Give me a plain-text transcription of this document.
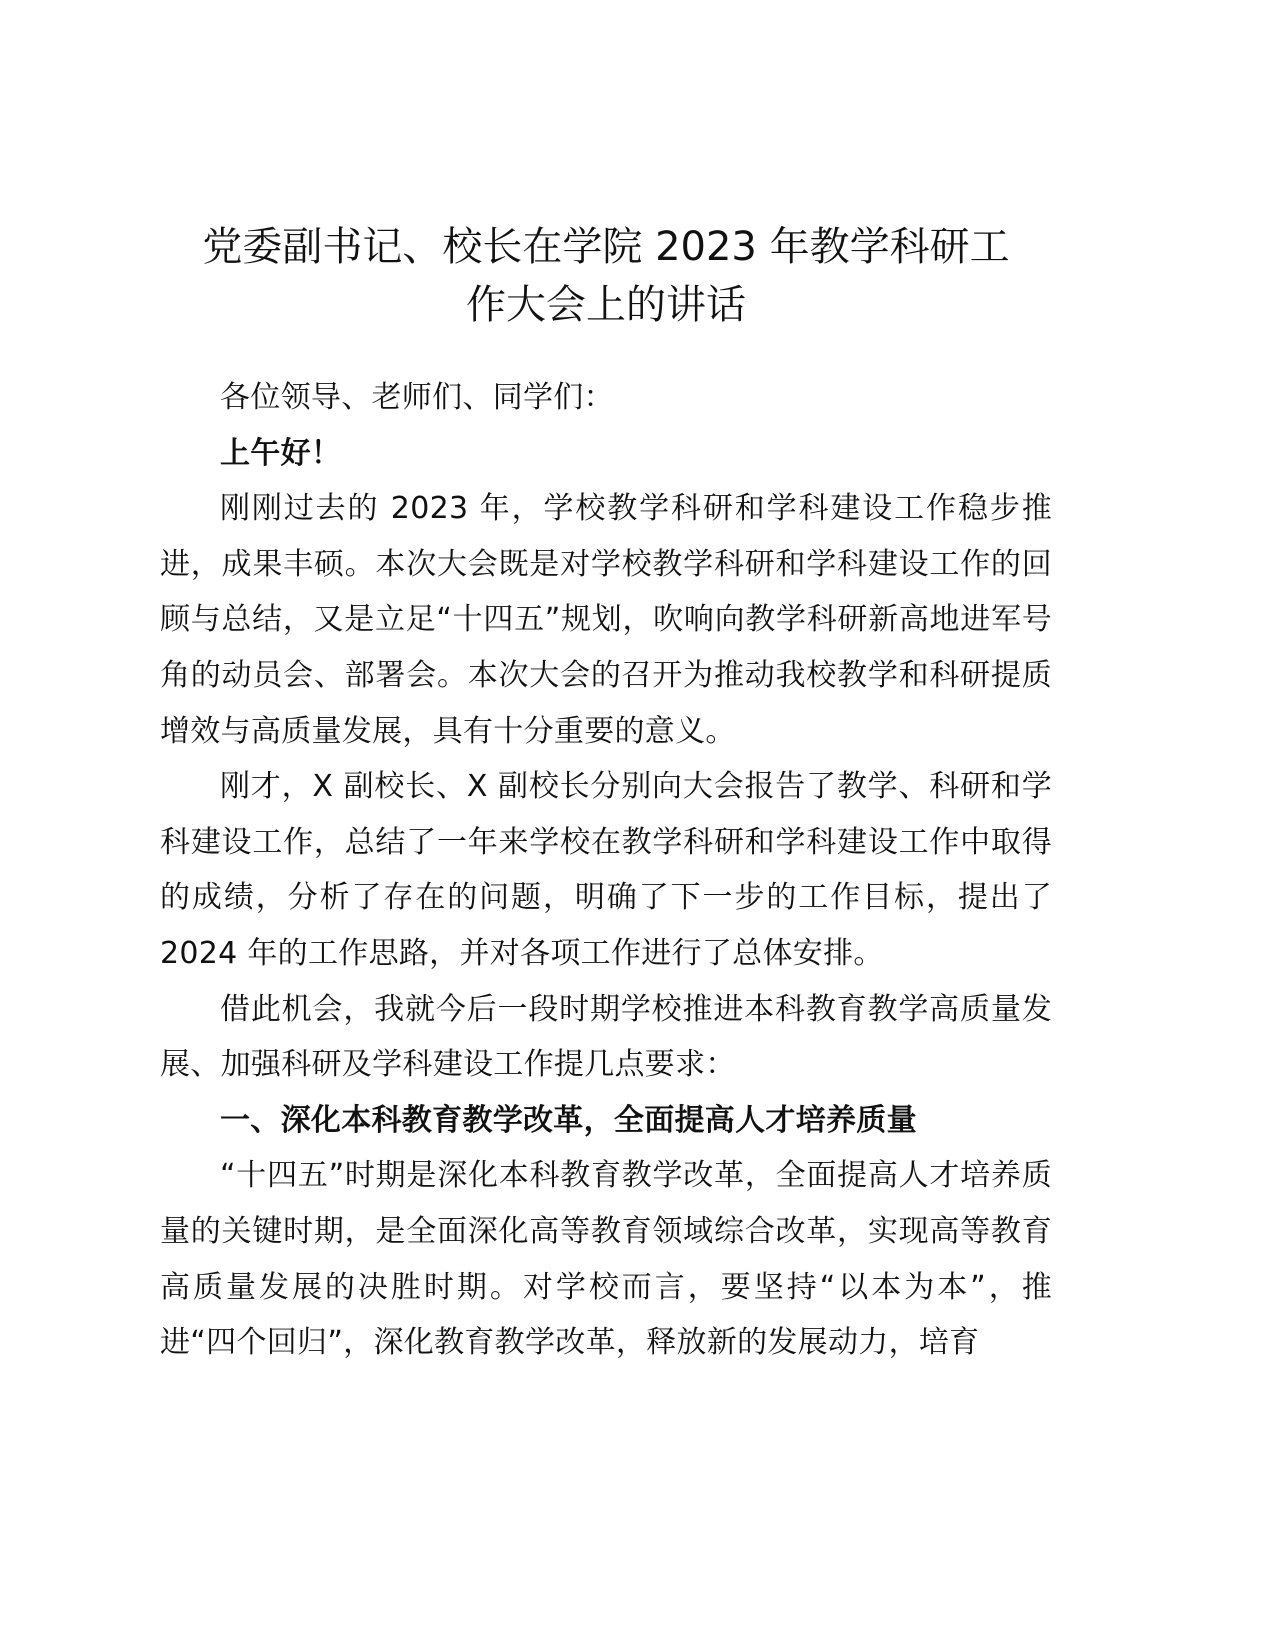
党委副书记、校长在学院 2023 年教学科研工
作大会上的讲话

各位领导、老师们、同学们：

上午好！

刚刚过去的 2023 年，学校教学科研和学科建设工作稳步推进，成果丰硕。本次大会既是对学校教学科研和学科建设工作的回顾与总结，又是立足“十四五”规划，吹响向教学科研新高地进军号角的动员会、部署会。本次大会的召开为推动我校教学和科研提质增效与高质量发展，具有十分重要的意义。

刚才，X 副校长、X 副校长分别向大会报告了教学、科研和学科建设工作，总结了一年来学校在教学科研和学科建设工作中取得的成绩，分析了存在的问题，明确了下一步的工作目标，提出了 2024 年的工作思路，并对各项工作进行了总体安排。

借此机会，我就今后一段时期学校推进本科教育教学高质量发展、加强科研及学科建设工作提几点要求：

一、深化本科教育教学改革，全面提高人才培养质量

“十四五”时期是深化本科教育教学改革，全面提高人才培养质量的关键时期，是全面深化高等教育领域综合改革，实现高等教育高质量发展的决胜时期。对学校而言，要坚持“以本为本”，推进“四个回归”，深化教育教学改革，释放新的发展动力，培育
